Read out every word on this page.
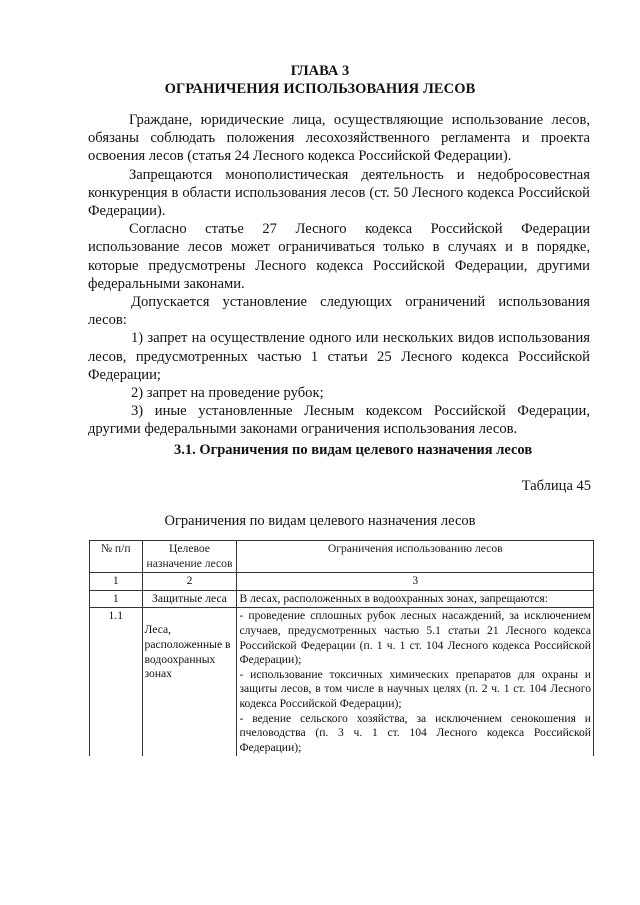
ГЛАВА 3
ОГРАНИЧЕНИЯ ИСПОЛЬЗОВАНИЯ ЛЕСОВ

Граждане, юридические лица, осуществляющие использование лесов, обязаны соблюдать положения лесохозяйственного регламента и проекта освоения лесов (статья 24 Лесного кодекса Российской Федерации).

Запрещаются монополистическая деятельность и недобросовестная конкуренция в области использования лесов (ст. 50 Лесного кодекса Российской Федерации).

Согласно статье 27 Лесного кодекса Российской Федерации использование лесов может ограничиваться только в случаях и в порядке, которые предусмотрены Лесного кодекса Российской Федерации, другими федеральными законами.

Допускается установление следующих ограничений использования лесов:

1) запрет на осуществление одного или нескольких видов использования лесов, предусмотренных частью 1 статьи 25 Лесного кодекса Российской Федерации;

2) запрет на проведение рубок;

3) иные установленные Лесным кодексом Российской Федерации, другими федеральными законами ограничения использования лесов.

3.1. Ограничения по видам целевого назначения лесов
Таблица 45
Ограничения по видам целевого назначения лесов
№ п/п	Целевое назначение лесов	Ограничения использованию лесов
1	2	3
1	Защитные леса	В лесах, расположенных в водоохранных зонах, запрещаются:
1.1	Леса, расположенные в водоохранных зонах	- проведение сплошных рубок лесных насаждений, за исключением случаев, предусмотренных частью 5.1 статьи 21 Лесного кодекса Российской Федерации (п. 1 ч. 1 ст. 104 Лесного кодекса Российской Федерации);
- использование токсичных химических препаратов для охраны и защиты лесов, в том числе в научных целях (п. 2 ч. 1 ст. 104 Лесного кодекса Российской Федерации);
- ведение сельского хозяйства, за исключением сенокошения и пчеловодства (п. 3 ч. 1 ст. 104 Лесного кодекса Российской Федерации);
